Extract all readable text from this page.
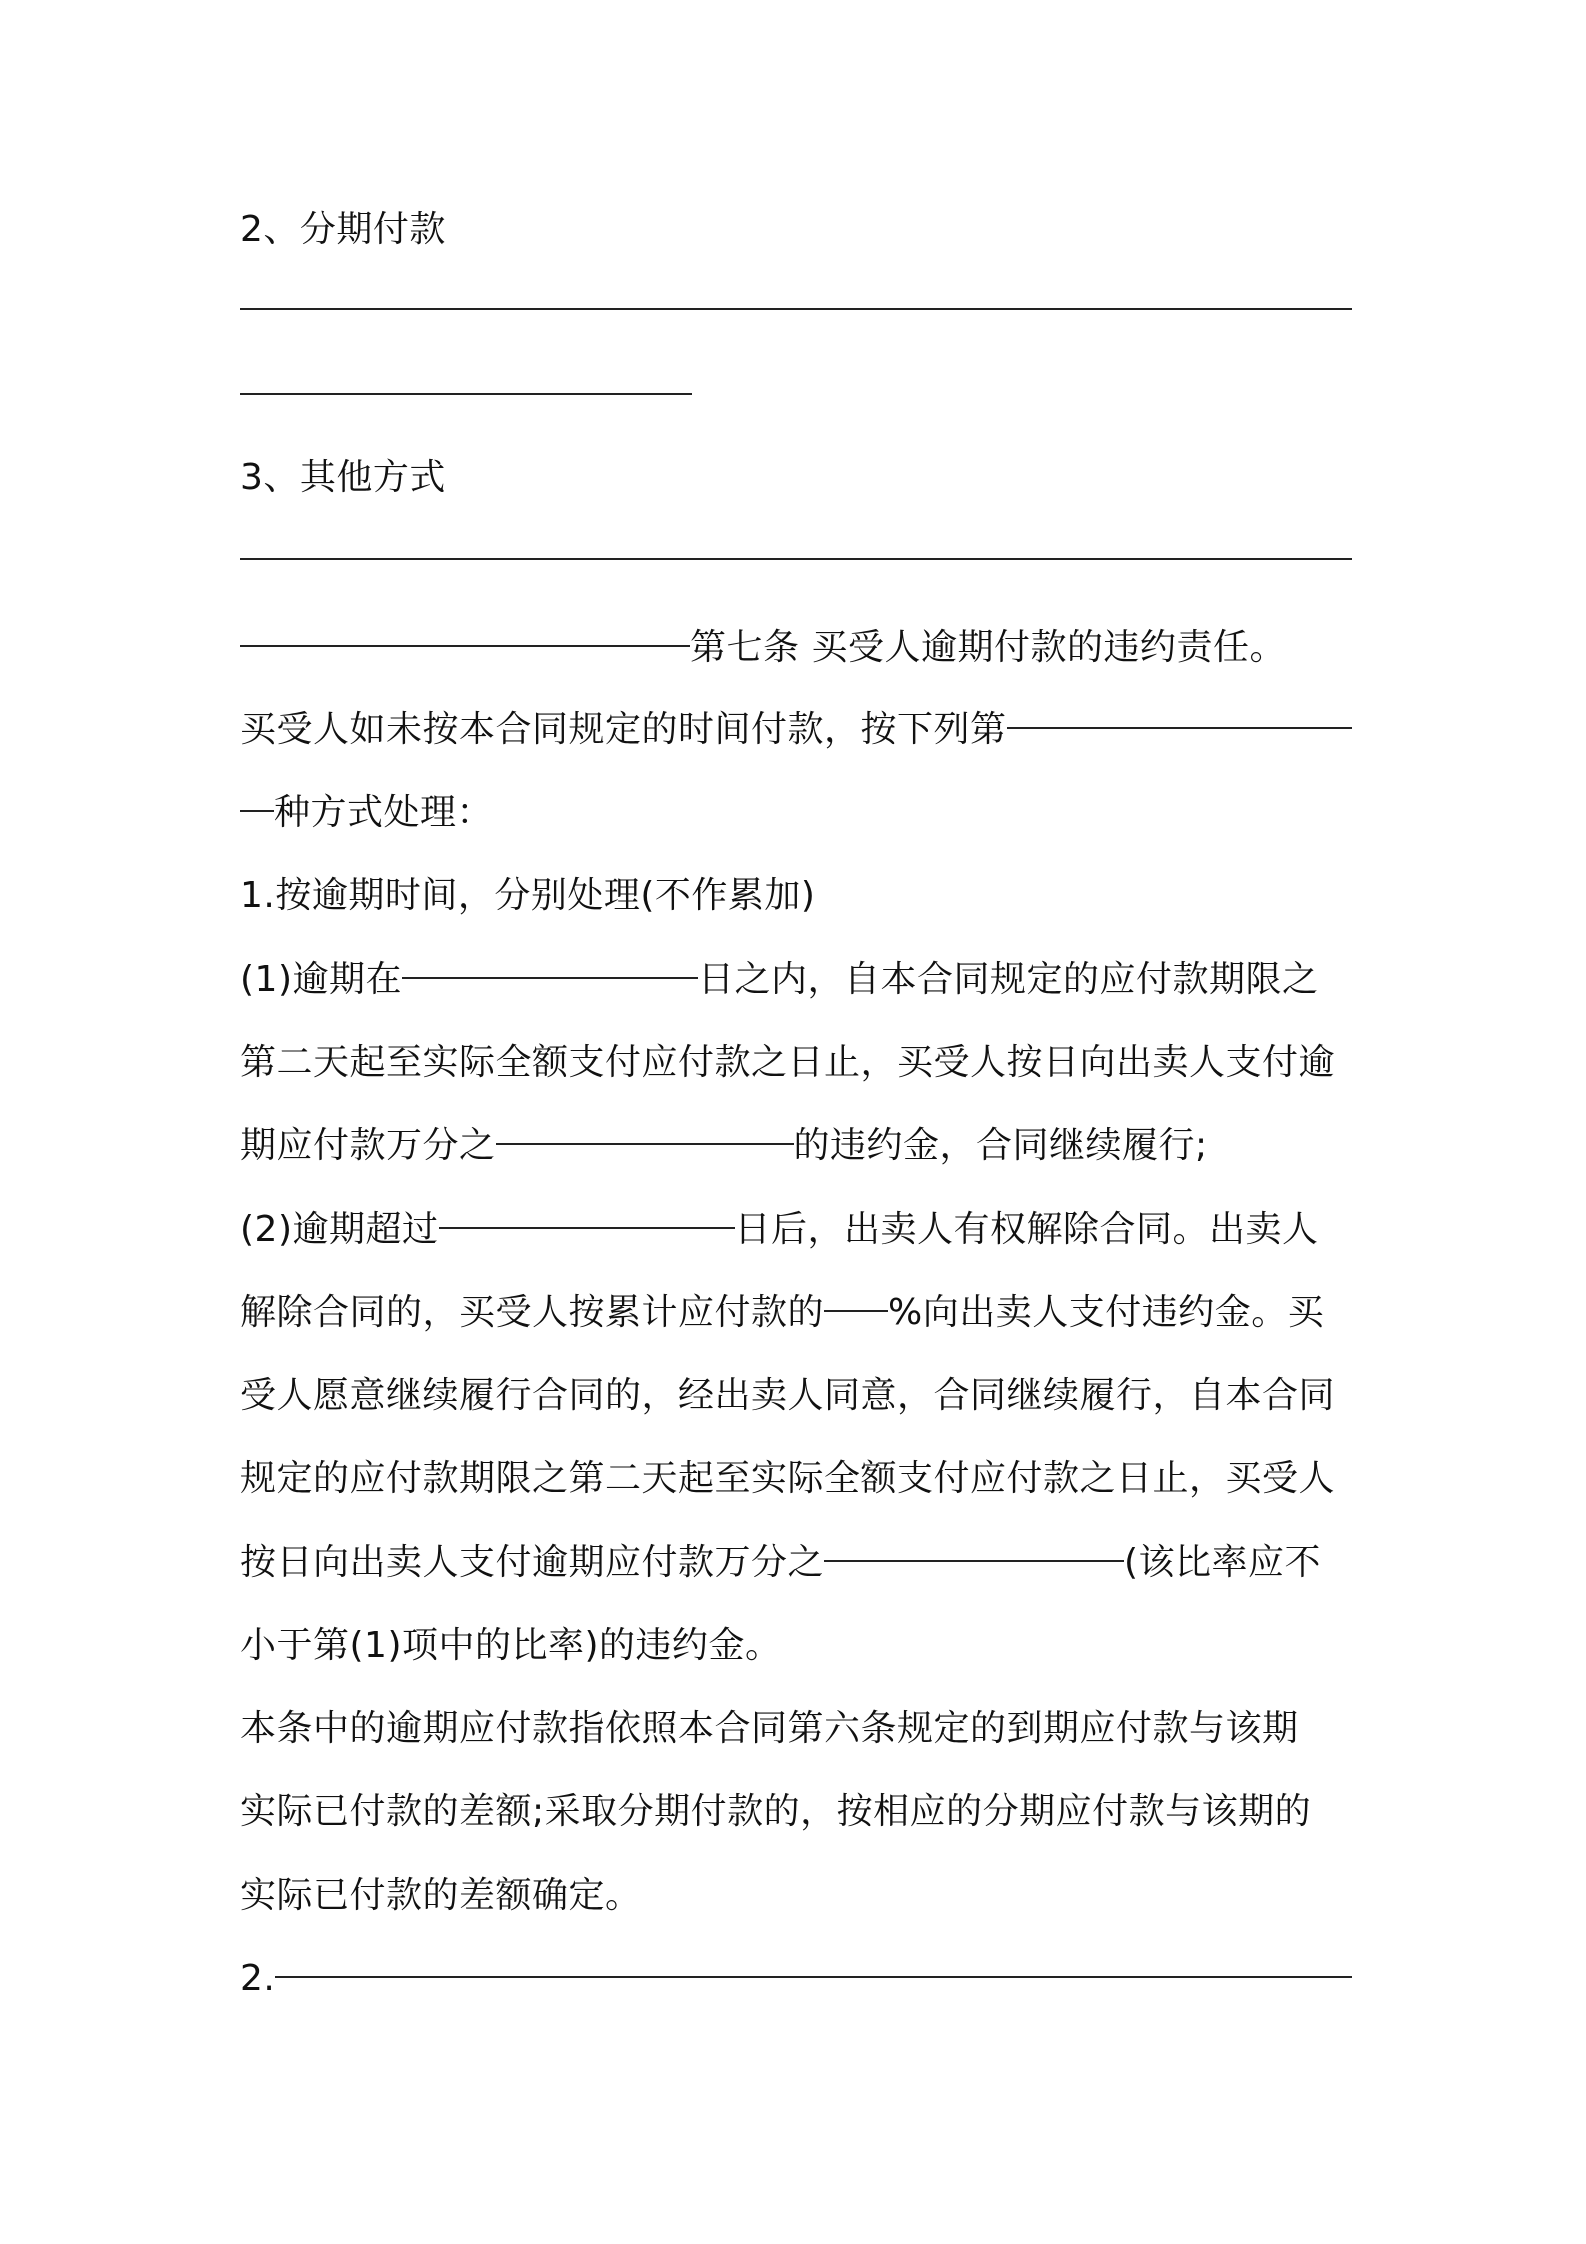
2、分期付款
3、其他方式
第七条 买受人逾期付款的违约责任。
买受人如未按本合同规定的时间付款，按下列第
种方式处理：
1.按逾期时间，分别处理(不作累加)
(1)逾期在	日之内，自本合同规定的应付款期限之
第二天起至实际全额支付应付款之日止，买受人按日向出卖人支付逾
期应付款万分之	的违约金，合同继续履行;
(2)逾期超过	日后，出卖人有权解除合同。出卖人
解除合同的，买受人按累计应付款的 %向出卖人支付违约金。买
受人愿意继续履行合同的，经出卖人同意，合同继续履行，自本合同
规定的应付款期限之第二天起至实际全额支付应付款之日止，买受人
按日向出卖人支付逾期应付款万分之	(该比率应不
小于第(1)项中的比率)的违约金。
本条中的逾期应付款指依照本合同第六条规定的到期应付款与该期
实际已付款的差额;采取分期付款的，按相应的分期应付款与该期的
实际已付款的差额确定。
2.
